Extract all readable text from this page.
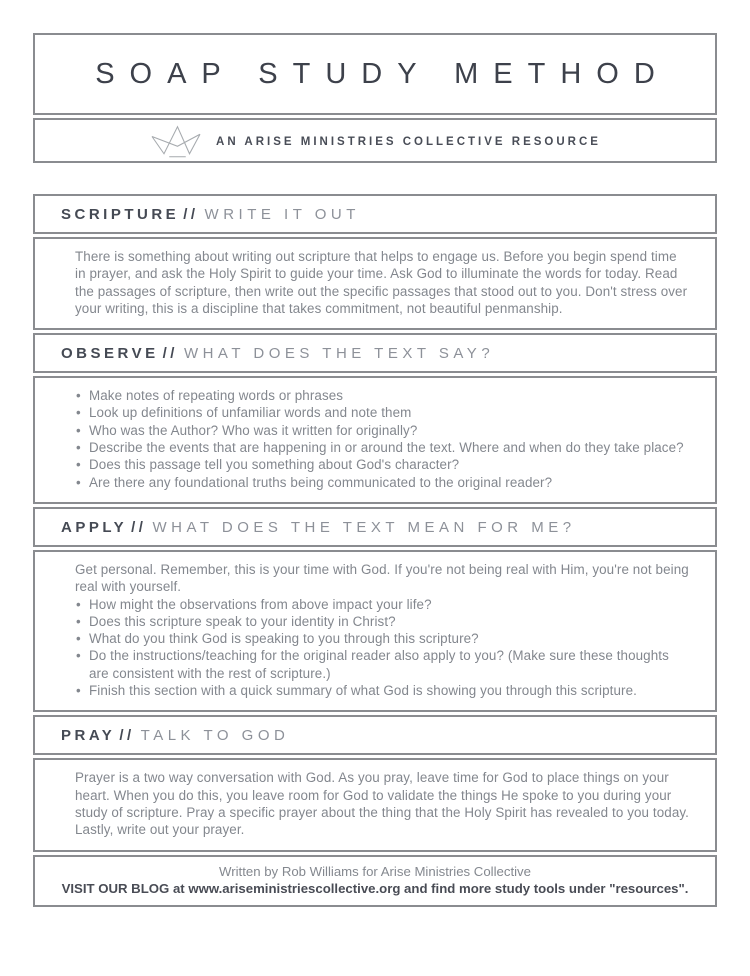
SOAP STUDY METHOD
AN ARISE MINISTRIES COLLECTIVE RESOURCE
SCRIPTURE // WRITE IT OUT

There is something about writing out scripture that helps to engage us. Before you begin spend time in prayer, and ask the Holy Spirit to guide your time. Ask God to illuminate the words for today. Read the passages of scripture, then write out the specific passages that stood out to you. Don't stress over your writing, this is a discipline that takes commitment, not beautiful penmanship.

OBSERVE // WHAT DOES THE TEXT SAY?
• Make notes of repeating words or phrases
• Look up definitions of unfamiliar words and note them
• Who was the Author? Who was it written for originally?
• Describe the events that are happening in or around the text. Where and when do they take place?
• Does this passage tell you something about God's character?
• Are there any foundational truths being communicated to the original reader?
APPLY // WHAT DOES THE TEXT MEAN FOR ME?

Get personal. Remember, this is your time with God. If you're not being real with Him, you're not being real with yourself.

• How might the observations from above impact your life?
• Does this scripture speak to your identity in Christ?
• What do you think God is speaking to you through this scripture?
• Do the instructions/teaching for the original reader also apply to you? (Make sure these thoughts are consistent with the rest of scripture.)
• Finish this section with a quick summary of what God is showing you through this scripture.
PRAY // TALK TO GOD

Prayer is a two way conversation with God. As you pray, leave time for God to place things on your heart. When you do this, you leave room for God to validate the things He spoke to you during your study of scripture. Pray a specific prayer about the thing that the Holy Spirit has revealed to you today. Lastly, write out your prayer.

Written by Rob Williams for Arise Ministries Collective
VISIT OUR BLOG at www.ariseministriescollective.org and find more study tools under "resources".
